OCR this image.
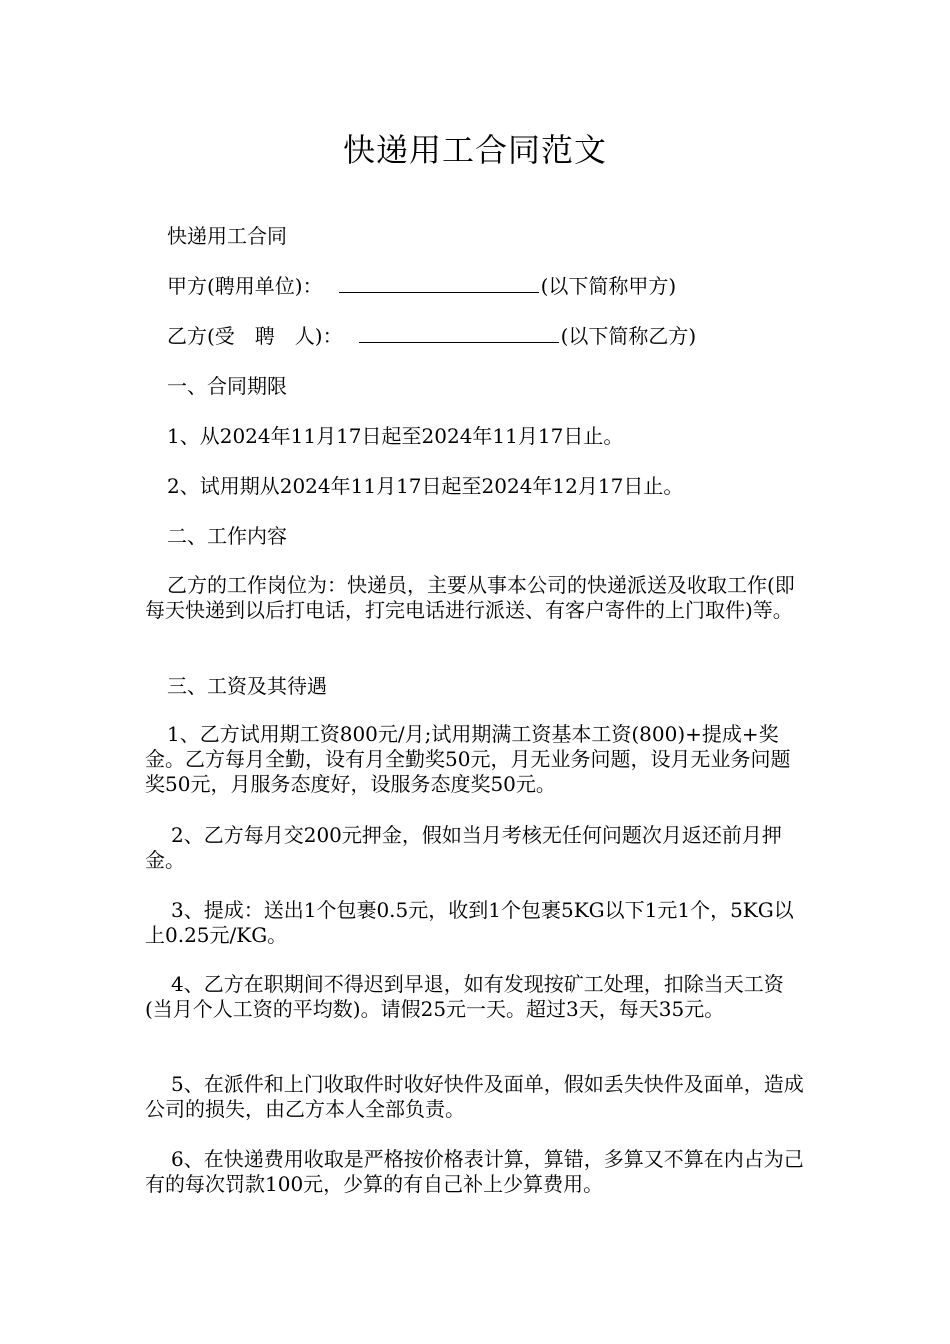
快递用工合同范文
快递用工合同
甲方(聘用单位)：	(以下简称甲方)
乙方(受　聘　人)：	(以下简称乙方)
一、合同期限
1、从2024年11月17日起至2024年11月17日止。
2、试用期从2024年11月17日起至2024年12月17日止。
二、工作内容

乙方的工作岗位为：快递员，主要从事本公司的快递派送及收取工作(即每天快递到以后打电话，打完电话进行派送、有客户寄件的上门取件)等。

三、工资及其待遇

1、乙方试用期工资800元/月;试用期满工资基本工资(800)+提成+奖金。乙方每月全勤，设有月全勤奖50元，月无业务问题，设月无业务问题奖50元，月服务态度好，设服务态度奖50元。

2、乙方每月交200元押金，假如当月考核无任何问题次月返还前月押金。

3、提成：送出1个包裹0.5元，收到1个包裹5KG以下1元1个，5KG以上0.25元/KG。

4、乙方在职期间不得迟到早退，如有发现按矿工处理，扣除当天工资(当月个人工资的平均数)。请假25元一天。超过3天，每天35元。

5、在派件和上门收取件时收好快件及面单，假如丢失快件及面单，造成公司的损失，由乙方本人全部负责。

6、在快递费用收取是严格按价格表计算，算错，多算又不算在内占为己有的每次罚款100元，少算的有自己补上少算费用。
